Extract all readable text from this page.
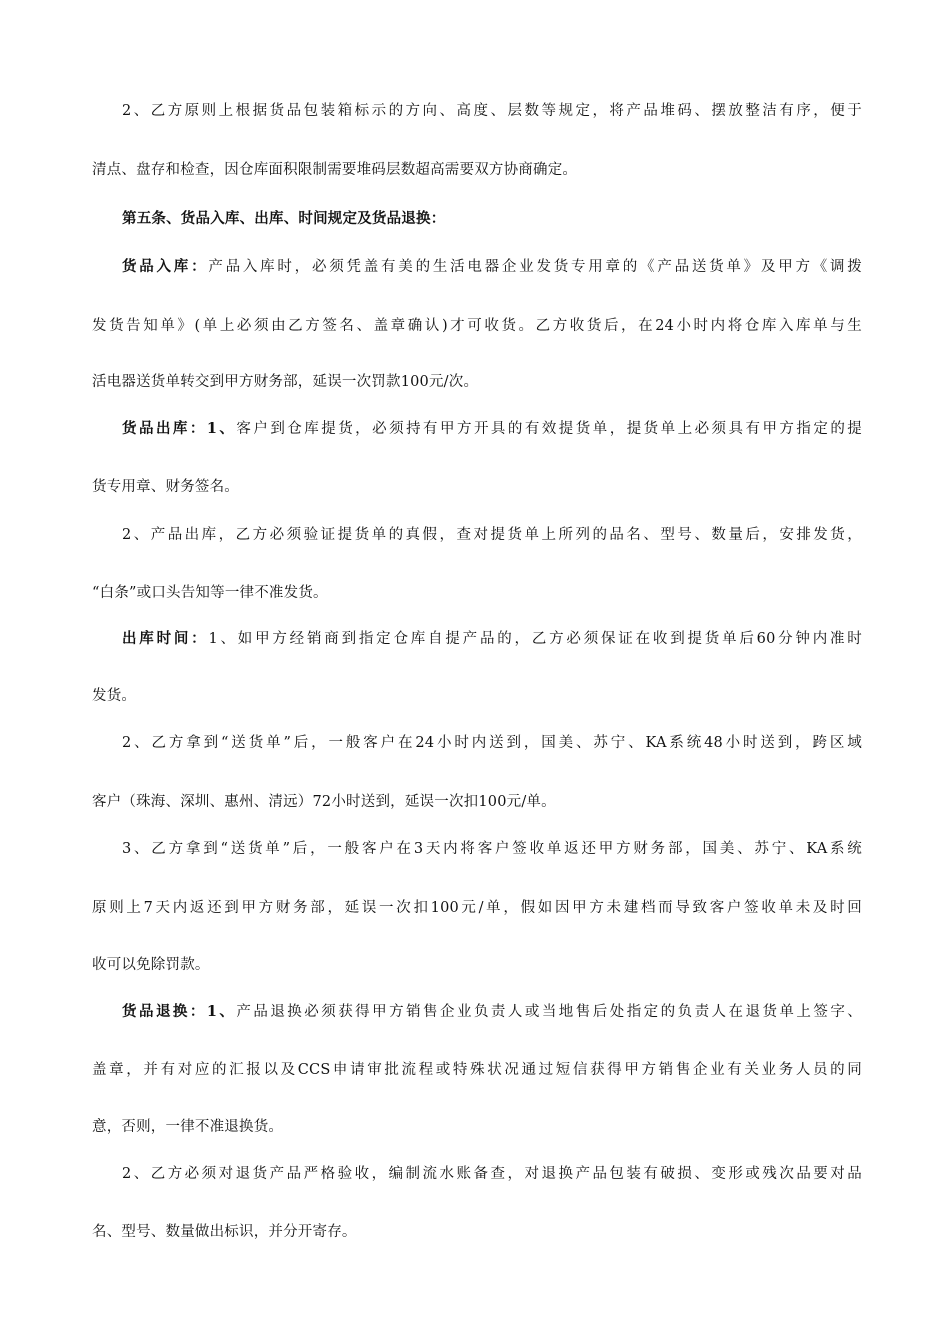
2、乙方原则上根据货品包装箱标示的方向、高度、层数等规定，将产品堆码、摆放整洁有序，便于
清点、盘存和检查，因仓库面积限制需要堆码层数超高需要双方协商确定。
第五条、货品入库、出库、时间规定及货品退换：
货品入库：产品入库时，必须凭盖有美的生活电器企业发货专用章的《产品送货单》及甲方《调拨
发货告知单》(单上必须由乙方签名、盖章确认)才可收货。乙方收货后，在24小时内将仓库入库单与生
活电器送货单转交到甲方财务部，延误一次罚款100元/次。
货品出库：1、客户到仓库提货，必须持有甲方开具的有效提货单，提货单上必须具有甲方指定的提
货专用章、财务签名。
2、产品出库，乙方必须验证提货单的真假，查对提货单上所列的品名、型号、数量后，安排发货，
“白条”或口头告知等一律不准发货。
出库时间：1、如甲方经销商到指定仓库自提产品的，乙方必须保证在收到提货单后60分钟内准时
发货。
2、乙方拿到“送货单”后，一般客户在24小时内送到，国美、苏宁、KA系统48小时送到，跨区域
客户（珠海、深圳、惠州、清远）72小时送到，延误一次扣100元/单。
3、乙方拿到“送货单”后，一般客户在3天内将客户签收单返还甲方财务部，国美、苏宁、KA系统
原则上7天内返还到甲方财务部，延误一次扣100元/单，假如因甲方未建档而导致客户签收单未及时回
收可以免除罚款。
货品退换：1、产品退换必须获得甲方销售企业负责人或当地售后处指定的负责人在退货单上签字、
盖章，并有对应的汇报以及CCS申请审批流程或特殊状况通过短信获得甲方销售企业有关业务人员的同
意，否则，一律不准退换货。
2、乙方必须对退货产品严格验收，编制流水账备查，对退换产品包装有破损、变形或残次品要对品
名、型号、数量做出标识，并分开寄存。
